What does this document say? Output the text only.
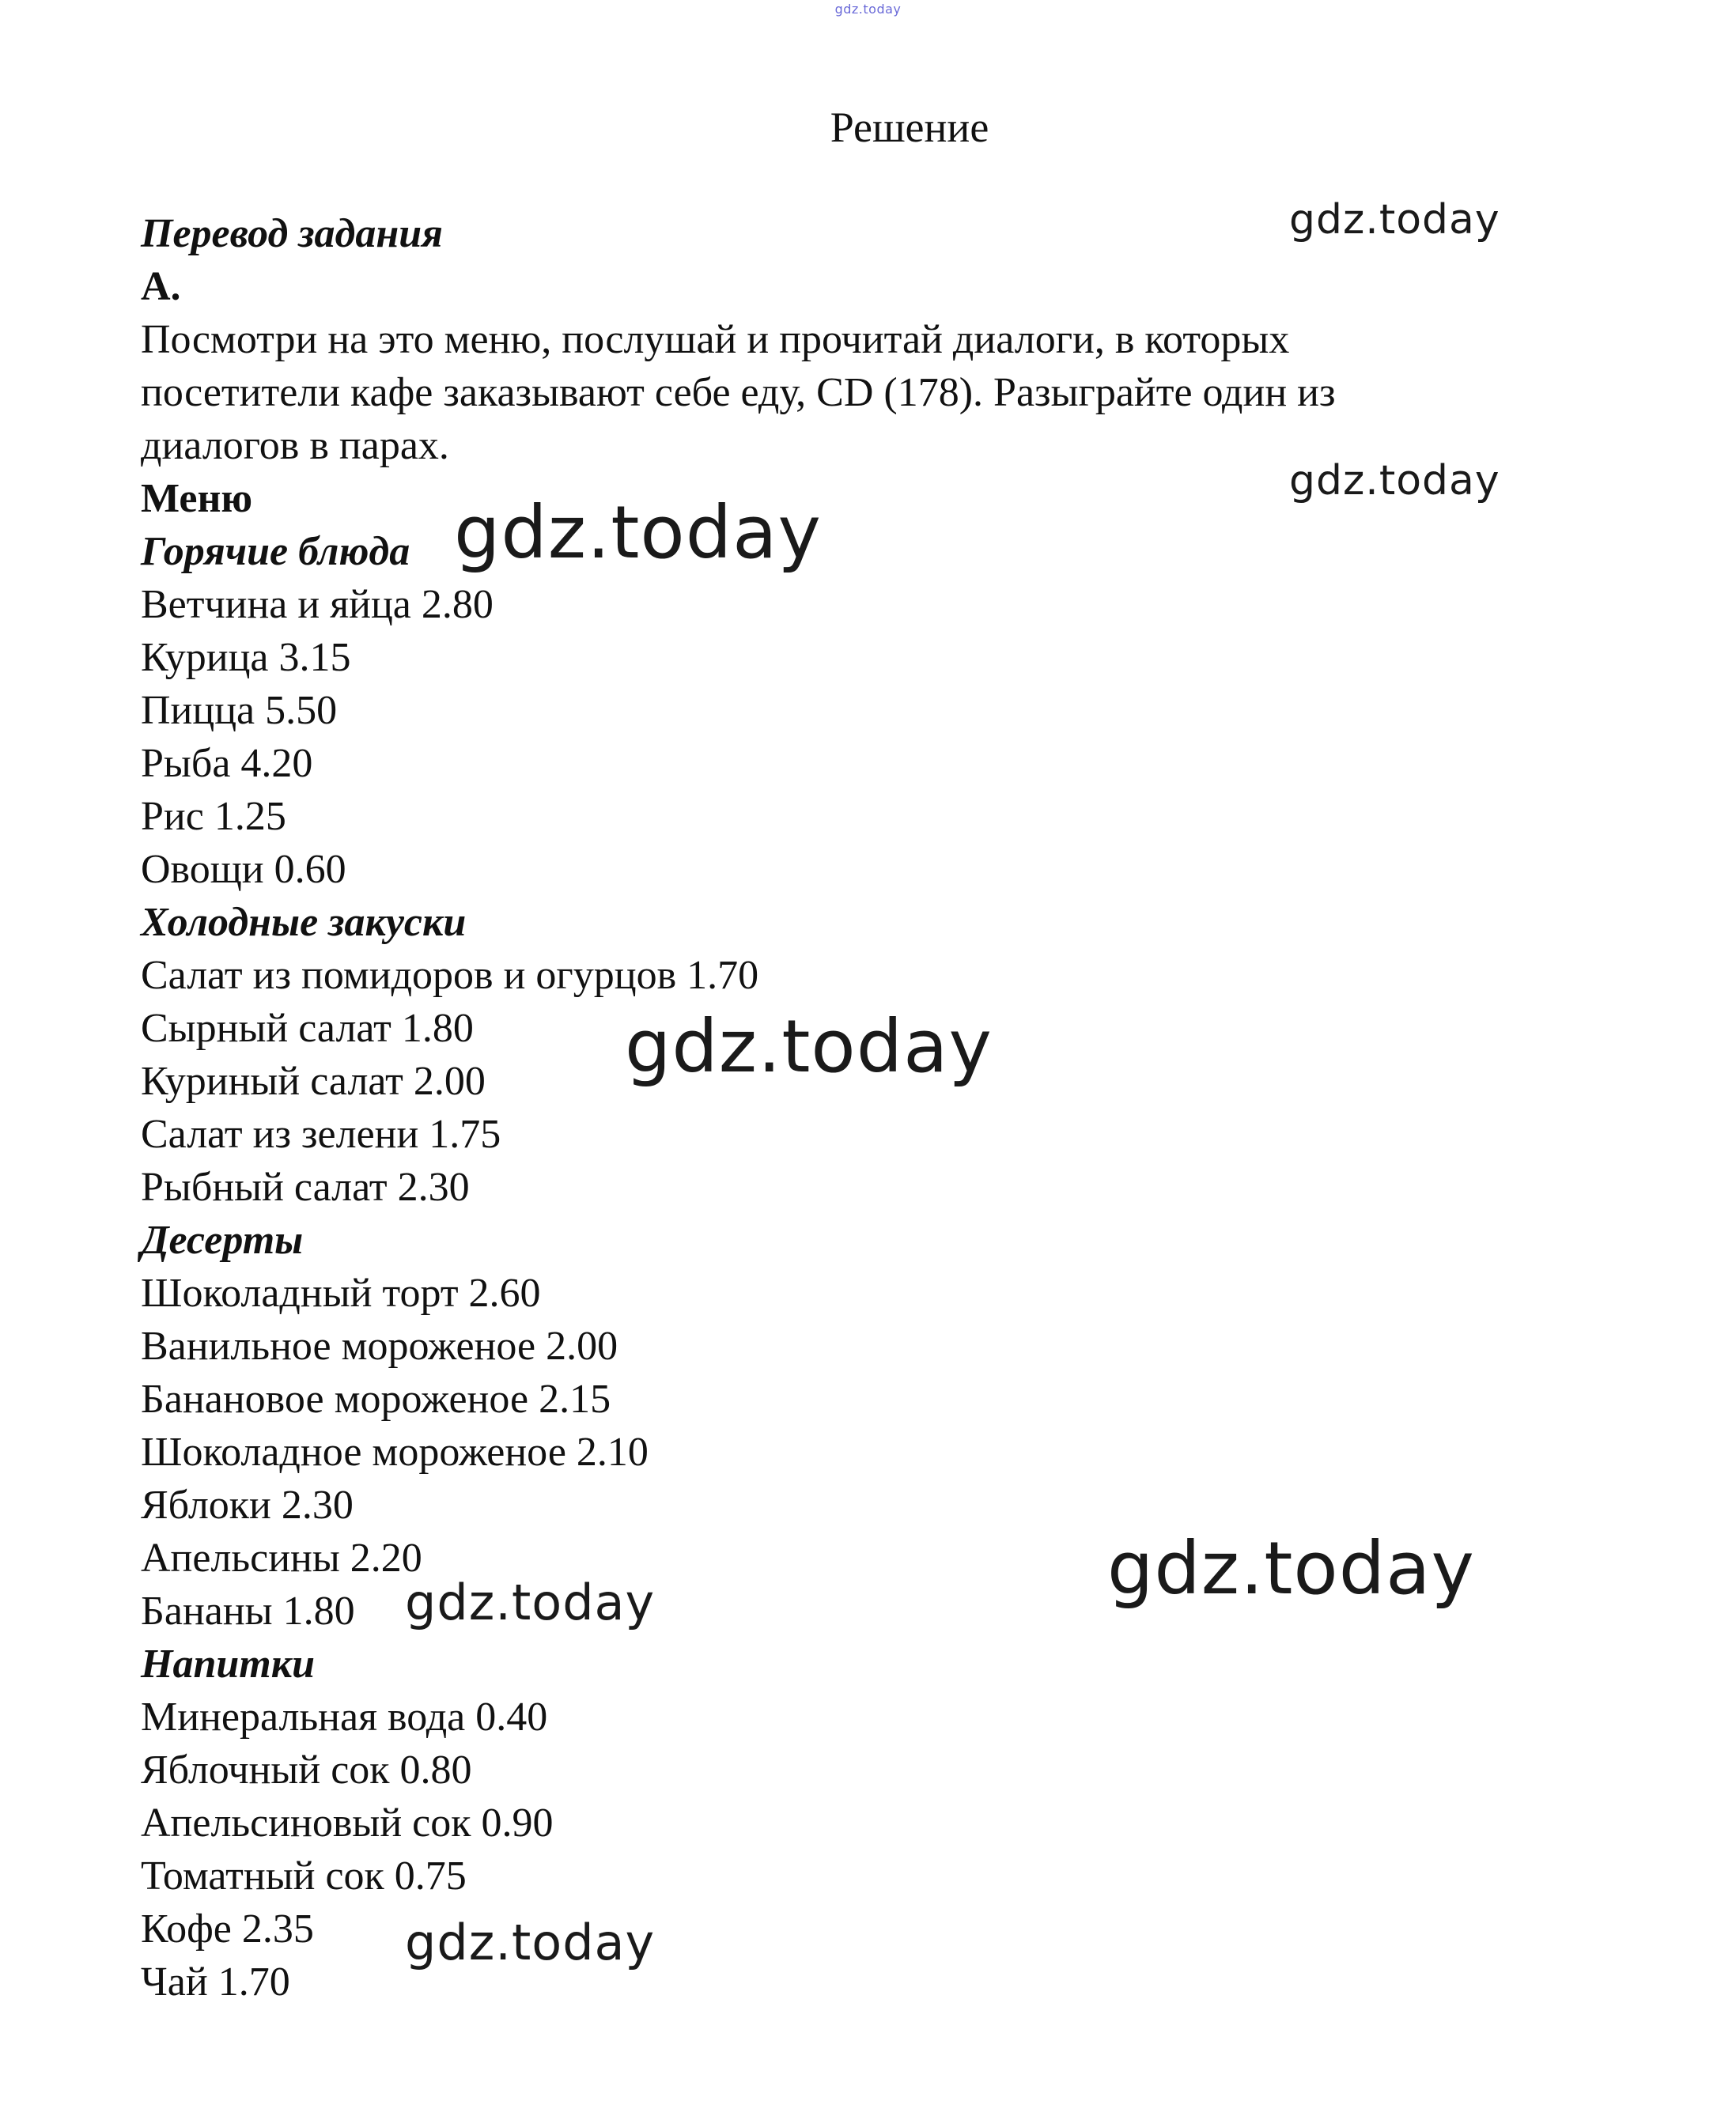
gdz.today
Решение
Перевод задания
A.
Посмотри на это меню, послушай и прочитай диалоги, в которых
посетители кафе заказывают себе еду, CD (178). Разыграйте один из
диалогов в парах.
Меню
Горячие блюда
Ветчина и яйца 2.80
Курица 3.15
Пицца 5.50
Рыба 4.20
Рис 1.25
Овощи 0.60
Холодные закуски
Салат из помидоров и огурцов 1.70
Сырный салат 1.80
Куриный салат 2.00
Салат из зелени 1.75
Рыбный салат 2.30
Десерты
Шоколадный торт 2.60
Ванильное мороженое 2.00
Банановое мороженое 2.15
Шоколадное мороженое 2.10
Яблоки 2.30
Апельсины 2.20
Бананы 1.80
Напитки
Минеральная вода 0.40
Яблочный сок 0.80
Апельсиновый сок 0.90
Томатный сок 0.75
Кофе 2.35
Чай 1.70
gdz.today
gdz.today
gdz.today
gdz.today
gdz.today
gdz.today
gdz.today
